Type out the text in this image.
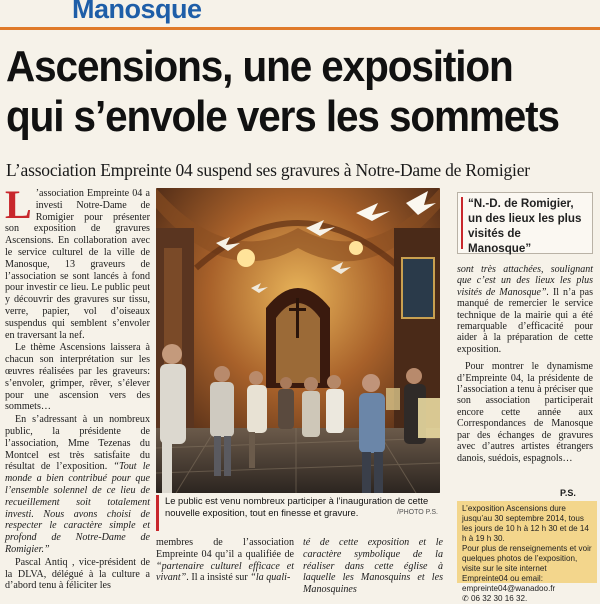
Manosque
Ascensions, une exposition
qui s’envole vers les sommets
L’association Empreinte 04 suspend ses gravures à Notre-Dame de Romigier

L ’association Empreinte 04 a investi Notre-Dame de Romigier pour présenter son exposition de gravures Ascensions. En collaboration avec le service culturel de la ville de Manosque, 13 graveurs de l’association se sont lancés à fond pour investir ce lieu. Le public peut y découvrir des gravures sur tissu, verre, papier, vol d’oiseaux suspendus qui semblent s’envoler en traversant la nef.

Le thème Ascensions laissera à chacun son interprétation sur les œuvres réalisées par les graveurs: s’envoler, grimper, rêver, s’élever pour une ascension vers des sommets…

En s’adressant à un nombreux public, la présidente de l’association, Mme Tezenas du Montcel est très satisfaite du résultat de l’exposition. “Tout le monde a bien contribué pour que l’ensemble solennel de ce lieu de recueillement soit totalement investi. Nous avons choisi de respecter le caractère simple et profond de Notre-Dame de Romigier.”

Pascal Antiq , vice-président de la DLVA, délégué à la culture a d’abord tenu à féliciter les

Le public est venu nombreux participer à l’inauguration de cette nouvelle exposition, tout en finesse et gravure.	/PHOTO P.S.

membres de l’association Empreinte 04 qu’il a qualifiée de “partenaire culturel efficace et vivant”. Il a insisté sur “la quali-

té de cette exposition et le caractère symbolique de la réaliser dans cette église à laquelle les Manosquins et les Manosquines

“N.-D. de Romigier, un des lieux les plus visités de Manosque”

sont très attachées, soulignant que c’est un des lieux les plus visités de Manosque”. Il n’a pas manqué de remercier le service technique de la mairie qui a été remarquable d’efficacité pour aider à la préparation de cette exposition.

Pour montrer le dynamisme d’Empreinte 04, la présidente de l’association a tenu à préciser que son association participerait encore cette année aux Correspondances de Manosque par des échanges de gravures avec d’autres artistes étrangers danois, suédois, espagnols…

P.S.

L’exposition Ascensions dure jusqu’au 30 septembre 2014, tous les jours de 10 h à 12 h 30 et de 14 h à 19 h 30.

Pour plus de renseignements et voir quelques photos de l’exposition, visite sur le site internet Empreinte04 ou email: empreinte04@wanadoo.fr

✆ 06 32 30 16 32.
